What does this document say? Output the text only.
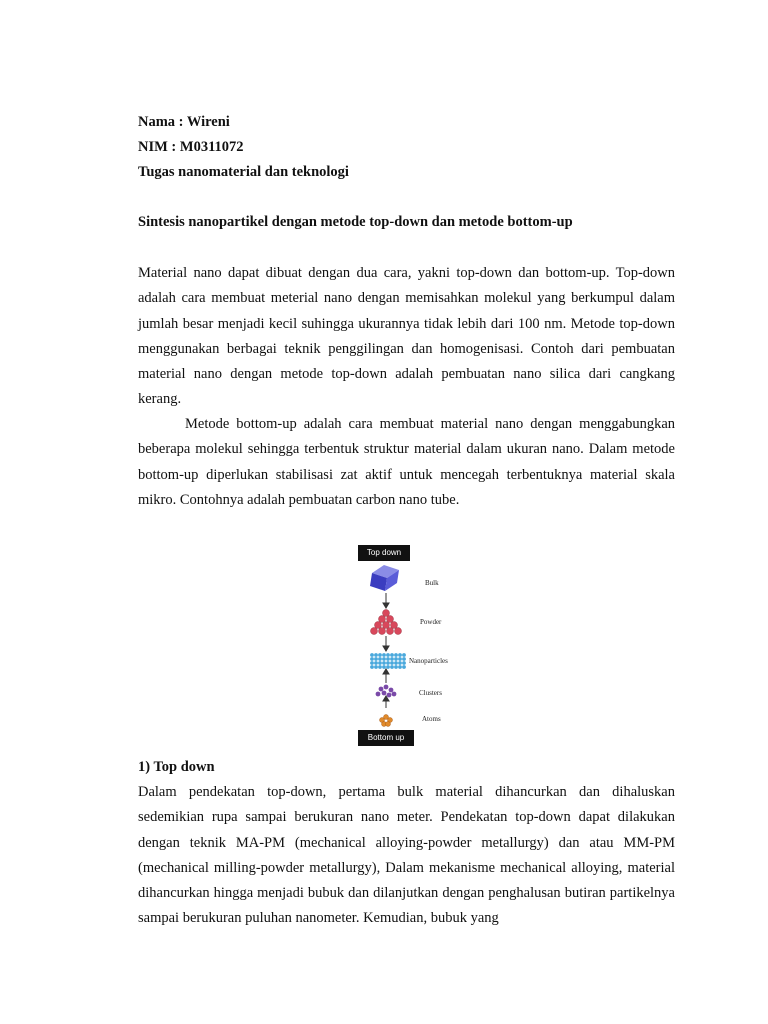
Nama : Wireni
NIM : M0311072
Tugas nanomaterial dan teknologi
Sintesis nanopartikel dengan metode top-down dan metode bottom-up
Material nano dapat dibuat dengan dua cara, yakni top-down dan bottom-up. Top-down adalah cara membuat meterial nano dengan memisahkan molekul yang berkumpul dalam jumlah besar menjadi kecil suhingga ukurannya tidak lebih dari 100 nm. Metode top-down menggunakan berbagai teknik penggilingan dan homogenisasi. Contoh dari pembuatan material nano dengan metode top-down adalah pembuatan nano silica dari cangkang kerang.
Metode bottom-up adalah cara membuat material nano dengan menggabungkan beberapa molekul sehingga terbentuk struktur material dalam ukuran nano. Dalam metode bottom-up diperlukan stabilisasi zat aktif untuk mencegah terbentuknya material skala mikro. Contohnya adalah pembuatan carbon nano tube.
Top down
Bottom up
Bulk
Powder
Nanoparticles
Clusters
Atoms
1) Top down
Dalam pendekatan top-down, pertama bulk material dihancurkan dan dihaluskan sedemikian rupa sampai berukuran nano meter. Pendekatan top-down dapat dilakukan dengan teknik MA-PM (mechanical alloying-powder metallurgy) dan atau MM-PM (mechanical milling-powder metallurgy), Dalam mekanisme mechanical alloying, material dihancurkan hingga menjadi bubuk dan dilanjutkan dengan penghalusan butiran partikelnya sampai berukuran puluhan nanometer. Kemudian, bubuk yang
